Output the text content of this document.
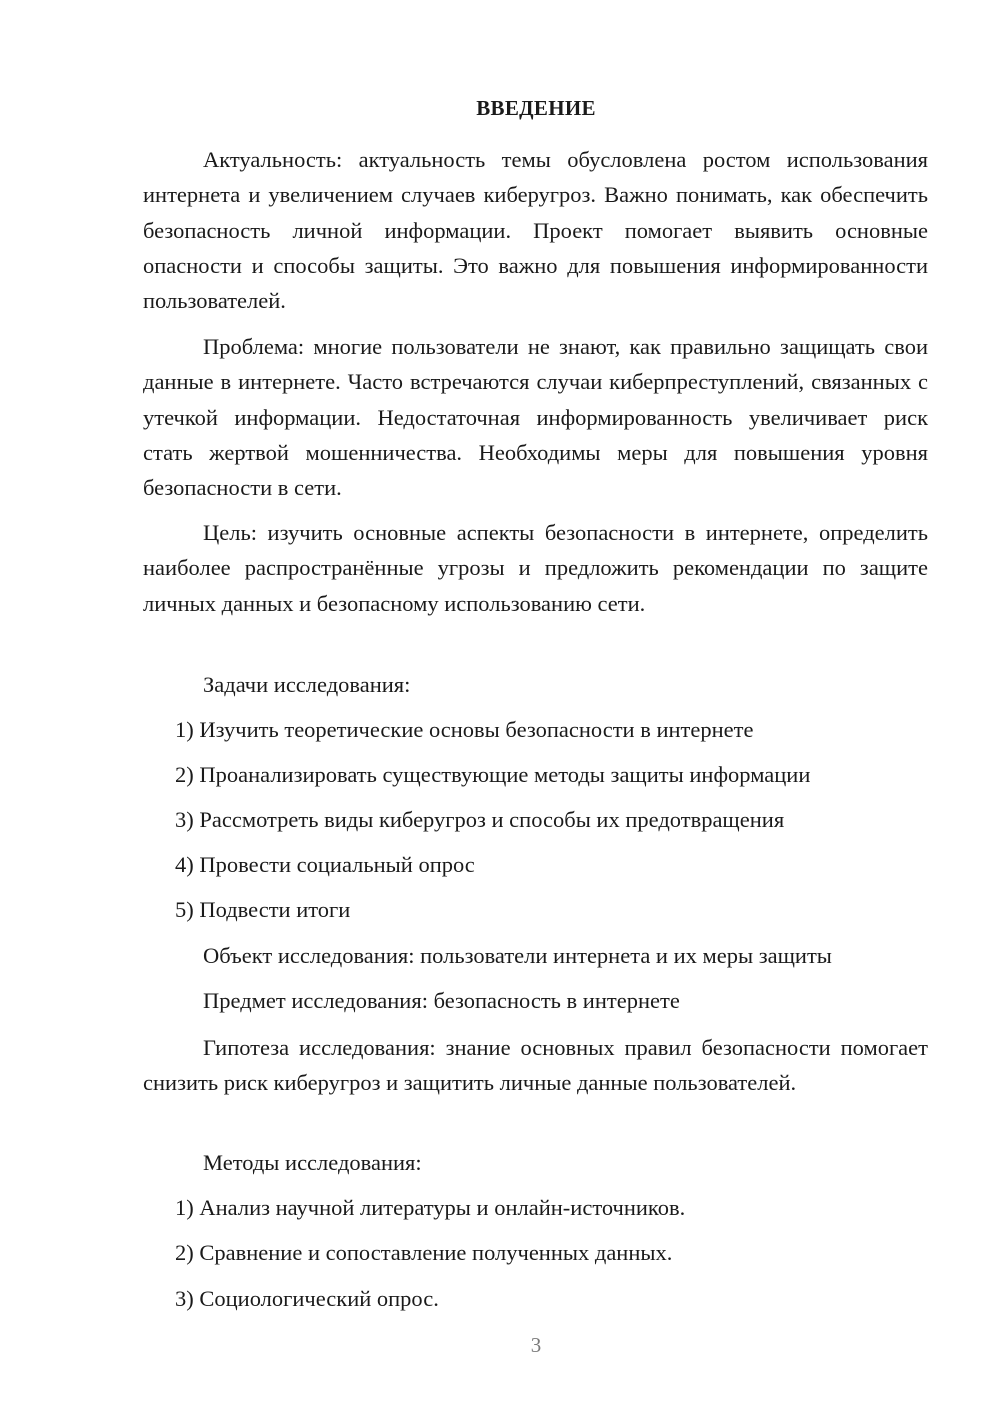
ВВЕДЕНИЕ

Актуальность: актуальность темы обусловлена ростом использования интернета и увеличением случаев киберугроз. Важно понимать, как обеспечить безопасность личной информации. Проект помогает выявить основные опасности и способы защиты. Это важно для повышения информированности пользователей.

Проблема: многие пользователи не знают, как правильно защищать свои данные в интернете. Часто встречаются случаи киберпреступлений, связанных с утечкой информации. Недостаточная информированность увеличивает риск стать жертвой мошенничества. Необходимы меры для повышения уровня безопасности в сети.

Цель: изучить основные аспекты безопасности в интернете, определить наиболее распространённые угрозы и предложить рекомендации по защите личных данных и безопасному использованию сети.

Задачи исследования:

1) Изучить теоретические основы безопасности в интернете

2) Проанализировать существующие методы защиты информации

3) Рассмотреть виды киберугроз и способы их предотвращения

4) Провести социальный опрос

5) Подвести итоги

Объект исследования: пользователи интернета и их меры защиты

Предмет исследования: безопасность в интернете

Гипотеза исследования: знание основных правил безопасности помогает снизить риск киберугроз и защитить личные данные пользователей.

Методы исследования:

1) Анализ научной литературы и онлайн-источников.

2) Сравнение и сопоставление полученных данных.

3) Социологический опрос.

3
